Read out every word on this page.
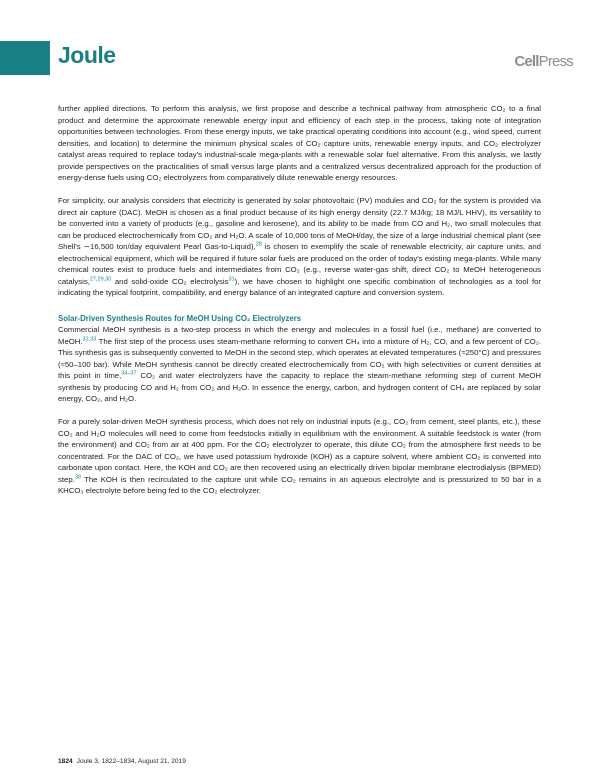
Joule	CellPress

further applied directions. To perform this analysis, we first propose and describe a technical pathway from atmospheric CO₂ to a final product and determine the approximate renewable energy input and efficiency of each step in the process, taking note of integration opportunities between technologies. From these energy inputs, we take practical operating conditions into account (e.g., wind speed, current densities, and location) to determine the minimum physical scales of CO₂ capture units, renewable energy inputs, and CO₂ electrolyzer catalyst areas required to replace today's industrial-scale mega-plants with a renewable solar fuel alternative. From this analysis, we lastly provide perspectives on the practicalities of small versus large plants and a centralized versus decentralized approach for the production of energy-dense fuels using CO₂ electrolyzers from comparatively dilute renewable energy resources.

For simplicity, our analysis considers that electricity is generated by solar photovoltaic (PV) modules and CO₂ for the system is provided via direct air capture (DAC). MeOH is chosen as a final product because of its high energy density (22.7 MJ/kg; 18 MJ/L HHV), its versatility to be converted into a variety of products (e.g., gasoline and kerosene), and its ability to be made from CO and H₂, two small molecules that can be produced electrochemically from CO₂ and H₂O. A scale of 10,000 tons of MeOH/day, the size of a large industrial chemical plant (see Shell's ∼16,500 ton/day equivalent Pearl Gas-to-Liquid),$^{28}$ is chosen to exemplify the scale of renewable electricity, air capture units, and electrochemical equipment, which will be required if future solar fuels are produced on the order of today's existing mega-plants. While many chemical routes exist to produce fuels and intermediates from CO₂ (e.g., reverse water-gas shift, direct CO₂ to MeOH heterogeneous catalysis,$^{27,29,30}$ and solid-oxide CO₂ electrolysis$^{31}$), we have chosen to highlight one specific combination of technologies as a tool for indicating the typical footprint, compatibility, and energy balance of an integrated capture and conversion system.

Solar-Driven Synthesis Routes for MeOH Using CO₂ Electrolyzers

Commercial MeOH synthesis is a two-step process in which the energy and molecules in a fossil fuel (i.e., methane) are converted to MeOH.$^{32,33}$ The first step of the process uses steam-methane reforming to convert CH₄ into a mixture of H₂, CO, and a few percent of CO₂. This synthesis gas is subsequently converted to MeOH in the second step, which operates at elevated temperatures (≈250°C) and pressures (≈50–100 bar). While MeOH synthesis cannot be directly created electrochemically from CO₂ with high selectivities or current densities at this point in time,$^{34-37}$ CO₂ and water electrolyzers have the capacity to replace the steam-methane reforming step of current MeOH synthesis by producing CO and H₂ from CO₂ and H₂O. In essence the energy, carbon, and hydrogen content of CH₄ are replaced by solar energy, CO₂, and H₂O.

For a purely solar-driven MeOH synthesis process, which does not rely on industrial inputs (e.g., CO₂ from cement, steel plants, etc.), these CO₂ and H₂O molecules will need to come from feedstocks initially in equilibrium with the environment. A suitable feedstock is water (from the environment) and CO₂ from air at 400 ppm. For the CO₂ electrolyzer to operate, this dilute CO₂ from the atmosphere first needs to be concentrated. For the DAC of CO₂, we have used potassium hydroxide (KOH) as a capture solvent, where ambient CO₂ is converted into carbonate upon contact. Here, the KOH and CO₂ are then recovered using an electrically driven bipolar membrane electrodialysis (BPMED) step.$^{38}$ The KOH is then recirculated to the capture unit while CO₂ remains in an aqueous electrolyte and is pressurized to 50 bar in a KHCO₃ electrolyte before being fed to the CO₂ electrolyzer.

1824 Joule 3, 1822–1834, August 21, 2019
